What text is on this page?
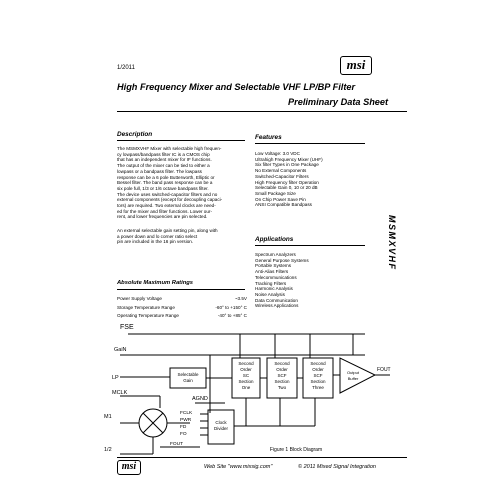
1/2011	msi
High Frequency Mixer and Selectable VHF LP/BP Filter
Preliminary Data Sheet
Description
The MSMXVHF Mixer with selectable high frequen-
cy lowpass/bandpass filter IC is a CMOS chip
that has an independent mixer for IF functions.
The output of the mixer can be tied to either a
lowpass or a bandpass filter. The lowpass
response can be a 6 pole Butterworth, Elliptic or
Bessel filter. The band pass response can be a
six pole full, 1/3 or 1/6 octave bandpass filter.
The device uses switched-capacitor filters and no
external components (except for decoupling capaci-
tors) are required. Two external clocks are need-
ed for the mixer and filter functions. Lower our-
rent, and lower frequencies are pin selected.
An external selectable gain setting pin, along with
a power down and lo corner ratio select
pin are included in the 16 pin version.
Absolute Maximum Ratings
Power Supply Voltage	~3.5V
Storage Temperature Range	-60° to +150° C
Operating Temperature Range	-40° to +85° C
Features
Low Voltage: 3.0 VDC
Ultrahigh Frequency Mixer (UHF)
Six filter Types in One Package
No External Components
Switched-Capacitor Filters
High Frequency filter Operation
Selectable Gain 0, 10 or 20 dB
Small Package Size
On Chip Power Save Pin
ANSI Compatible Bandpass
Applications
Spectrum Analyzers
General Purpose Systems
Portable Systems
Anti-Alias Filters
Telecommunications
Tracking Filters
Harmonic Analysis
Noise Analysis
Data Communication
Wireless Applications
MSMXVHF
FSE
GaiN
LP
MCLK
AGND
M1
1/2
FCLK
PWR
FD
FO
FOUT
FOUT
Selectable Gain
Clock Divider
Second Order SC Section One
Second Order SCF Section Two
Second Order SCF Section Three
Output Buffer
Figure 1 Block Diagram
msi	Web Site "www.mixsig.com"	© 2011 Mixed Signal Integration
